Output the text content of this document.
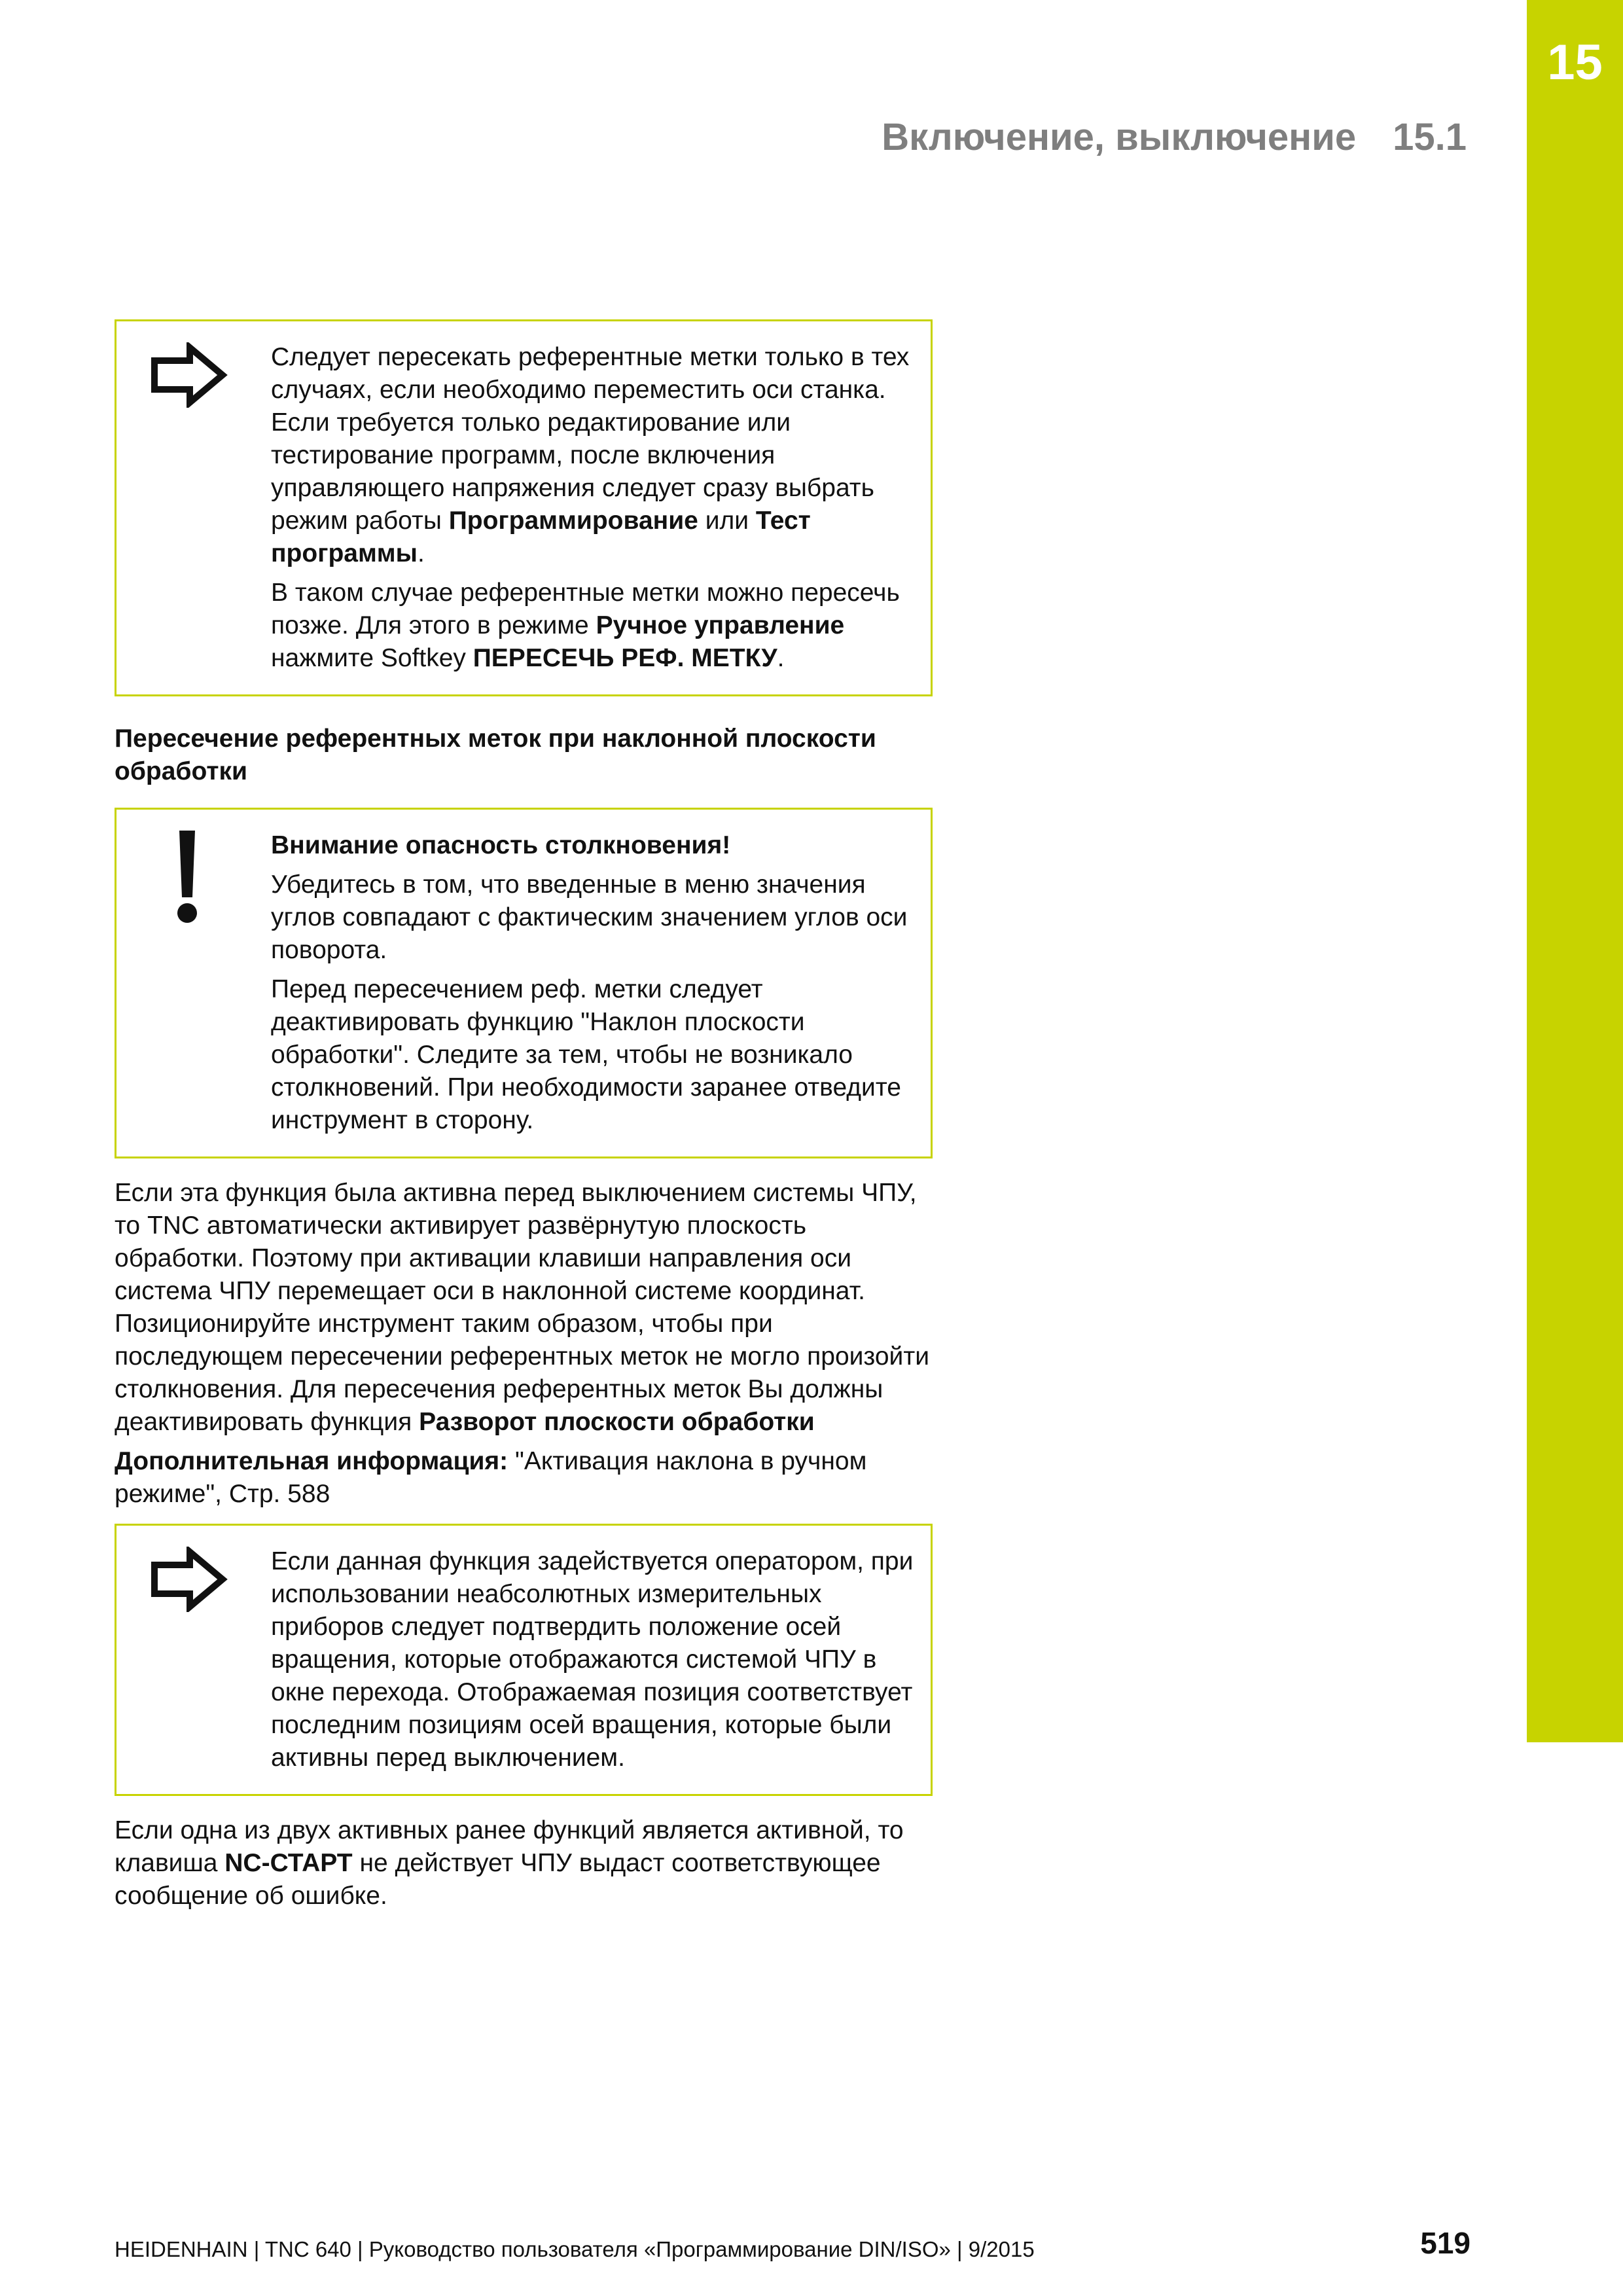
15
Включение, выключение 15.1

Следует пересекать референтные метки только в тех случаях, если необходимо переместить оси станка. Если требуется только редактирование или тестирование программ, после включения управляющего напряжения следует сразу выбрать режим работы Программирование или Тест программы.

В таком случае референтные метки можно пересечь позже. Для этого в режиме Ручное управление нажмите Softkey ПЕРЕСЕЧЬ РЕФ. МЕТКУ.

Пересечение референтных меток при наклонной плоскости обработки

Внимание опасность столкновения!

Убедитесь в том, что введенные в меню значения углов совпадают с фактическим значением углов оси поворота.

Перед пересечением реф. метки следует деактивировать функцию "Наклон плоскости обработки". Следите за тем, чтобы не возникало столкновений. При необходимости заранее отведите инструмент в сторону.

Если эта функция была активна перед выключением системы ЧПУ, то TNC автоматически активирует развёрнутую плоскость обработки. Поэтому при активации клавиши направления оси система ЧПУ перемещает оси в наклонной системе координат. Позиционируйте инструмент таким образом, чтобы при последующем пересечении референтных меток не могло произойти столкновения. Для пересечения референтных меток Вы должны деактивировать функция Разворот плоскости обработки

Дополнительная информация: "Активация наклона в ручном режиме", Стр. 588

Если данная функция задействуется оператором, при использовании неабсолютных измерительных приборов следует подтвердить положение осей вращения, которые отображаются системой ЧПУ в окне перехода. Отображаемая позиция соответствует последним позициям осей вращения, которые были активны перед выключением.

Если одна из двух активных ранее функций является активной, то клавиша NC-СТАРТ не действует ЧПУ выдаст соответствующее сообщение об ошибке.

HEIDENHAIN | TNC 640 | Руководство пользователя «Программирование DIN/ISO» | 9/2015	519
